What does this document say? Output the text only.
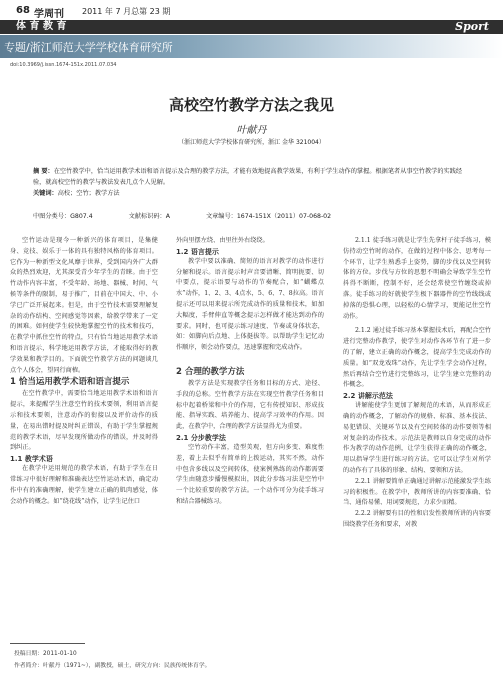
68 学周刊 2011 年 7 月总第 23 期
体 育 教 育	Sport
专题/浙江师范大学学校体育研究所
doi:10.3969/j.issn.1674-151x.2011.07.034
高校空竹教学方法之我见
叶献丹
（浙江师范大学学校体育研究所，浙江 金华 321004）
摘 要：在空竹教学中，恰当运用教学术语和语言提示及合理的教学方法，才能有效地提高教学效果，有利于学生动作的掌握。根据笔者从事空竹教学的实践经验，就高校空竹的教学与教法发表几点个人见解。
关键词：高校；空竹；教学方法
中图分类号：G807.4	文献标识码：A	文章编号：1674-151X（2011）07-068-02

空竹运动是现今一种新兴的体育项目，是集健身、竞技、娱乐于一体的具有独特风格的体育项目。它作为一种新型文化风靡于世界，受到国内外广大群众的热烈欢迎，尤其深受青少年学生的青睐。由于空竹动作内容丰富，不受年龄、场地、器械、时间、气候等条件的限制，易于推广，目前在中国大、中、小学已广泛开展起来。但是，由于空竹技术需要理解复杂的动作结构、空间感觉等因素，给教学带来了一定的困难。如何使学生较快地掌握空竹的技术和技巧，在教学中抓住空竹的特点，只有恰当地运用教学术语和语言提示，科学地运用教学方法，才能取得好的教学效果和教学目的。下面就空竹教学方法的问题谈几点个人体会，望同行商榷。

1 恰当运用教学术语和语言提示

在空竹教学中，需要恰当地运用教学术语和语言提示，来提醒学生注意空竹的技术要领，利用语言提示和技术要领，注意动作的衔接以及评价动作的质量，在易出错时提及时纠正错误，有助于学生掌握规范的教学术语，尽早发现所做动作的错误，并及时得到纠正。

1.1 教学术语

在教学中运用规范的教学术语，有助于学生在日常练习中很好理解和准确表达空竹运动术语，确定动作中有的准确理解，使学生建立正确的肌肉感觉，体会动作的概念。如“绕花线”动作，让学生记住口

外向里摆左绕、由里往外右绕绕。

1.2 语言提示

教学中要以准确、简短的语言对教学的动作进行分解和提示。语言提示时声音要清晰、简明扼要、切中要点，提示语要与动作的节奏配合，如“蝴蝶点水”动作，1、2、3、4点水，5、6、7、8拉高。语言提示还可以用来提示所完成动作的质量和技术，如加大幅度，手臂伸直等概念提示怎样做才能达到动作的要求。同时，也可提示练习速度、节奏或身体状态，如：如脚向后点地、上体挺拔等。以帮助学生记忆动作顺序，领会动作要点，迅速掌握和完成动作。

2 合理的教学方法

教学方法是实现教学任务和目标的方式、途径、手段的总称。空竹教学方法在实现空竹教学任务和目标中起着桥梁和中介的作用，它有传授知识、形成技能、指导实践、培养能力、提高学习效率的作用。因此，在教学中，合理的教学方法显得尤为重要。

2.1 分步教学法

空竹动作丰富，造型美观，但方向多变、难度性差，着上去似乎有简单的上拨运动，其实不然，动作中包含多线以及空间转体，使案例熟练的动作都需要学生由随意步播慢模拟出，因此分步练习法是空竹中一个比较重要的教学方法。一个动作可分为徒手练习和结合器械练习。

2.1.1 徒手练习就是让学生先拿杆子徒手练习，模仿持动空竹时的动作，在做的过程中体会、思考每一个环节，让学生熟悉手上姿势，脚的步伐以及空间转体的方位。步伐与方位的思想不明确会导致学生空竹抖得不断断，控制不好，还会经常使空竹缠绕或掉落。徒手练习的好就使学生极下器器件的空竹线线或掉落的恐惧心理，以轻松的心情学习，更能记住空竹动作。

2.1.2 通过徒手练习基本掌握技术后，再配合空竹进行完整动作教学，使学生对动作各环节有了进一步的了解，建立正确的动作概念，提高学生完成动作的质量。如“双龙戏珠”动作，先让学生学会动作过程，然后再结合空竹进行完整练习，让学生建立完整的动作概念。

2.2 讲解示范法

讲解能使学生更加了解规范的术语，从而形成正确的动作概念，了解动作的规格、标准、基本技法、易犯错误、关键环节以及有空间转体的动作要领等相对复杂的动作技术。示范法是教师以自身完成的动作作为教学的动作范例，让学生获得正确的动作概念，用以指导学生进行练习的方法。它可以让学生对所学的动作有了具体的形象、结构、要领和方法。

2.2.1 讲解要简单正确通过讲解示范能激发学生练习的积极性。在教学中，教师所讲的内容要准确、恰当、通俗易懂、用词要规范，力求少而精。

2.2.2 讲解要有目的性和启发性教师所讲的内容要围绕教学任务和要求，对教

投稿日期：2011-01-10
作者简介：叶献丹（1971~），副教授，硕士，研究方向：民族传统体育学。
